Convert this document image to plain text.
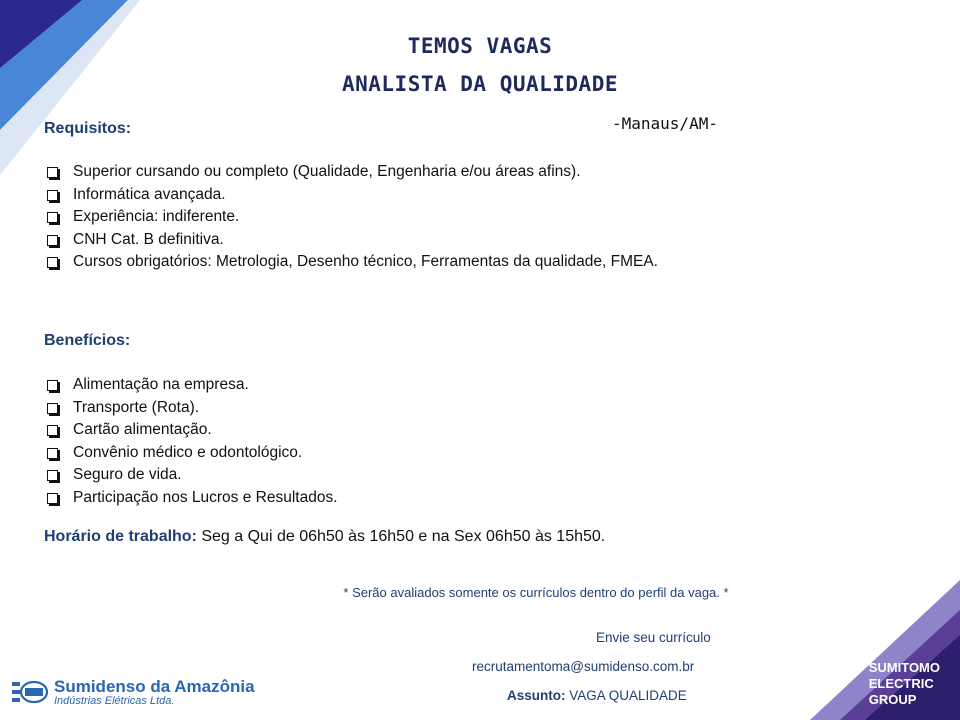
TEMOS VAGAS
ANALISTA DA QUALIDADE
-Manaus/AM-
Requisitos:
Superior cursando ou completo (Qualidade, Engenharia e/ou áreas afins).
Informática avançada.
Experiência: indiferente.
CNH Cat. B definitiva.
Cursos obrigatórios: Metrologia, Desenho técnico, Ferramentas da qualidade, FMEA.
Benefícios:
Alimentação na empresa.
Transporte (Rota).
Cartão alimentação.
Convênio médico e odontológico.
Seguro de vida.
Participação nos Lucros e Resultados.
Horário de trabalho: Seg a Qui de 06h50 às 16h50 e na Sex 06h50 às 15h50.
* Serão avaliados somente os currículos dentro do perfil da vaga. *
Envie seu currículo
recrutamentoma@sumidenso.com.br
Assunto: VAGA QUALIDADE
Sumidenso da Amazônia
Indústrias Elétricas Ltda.
SUMITOMO
ELECTRIC
GROUP
